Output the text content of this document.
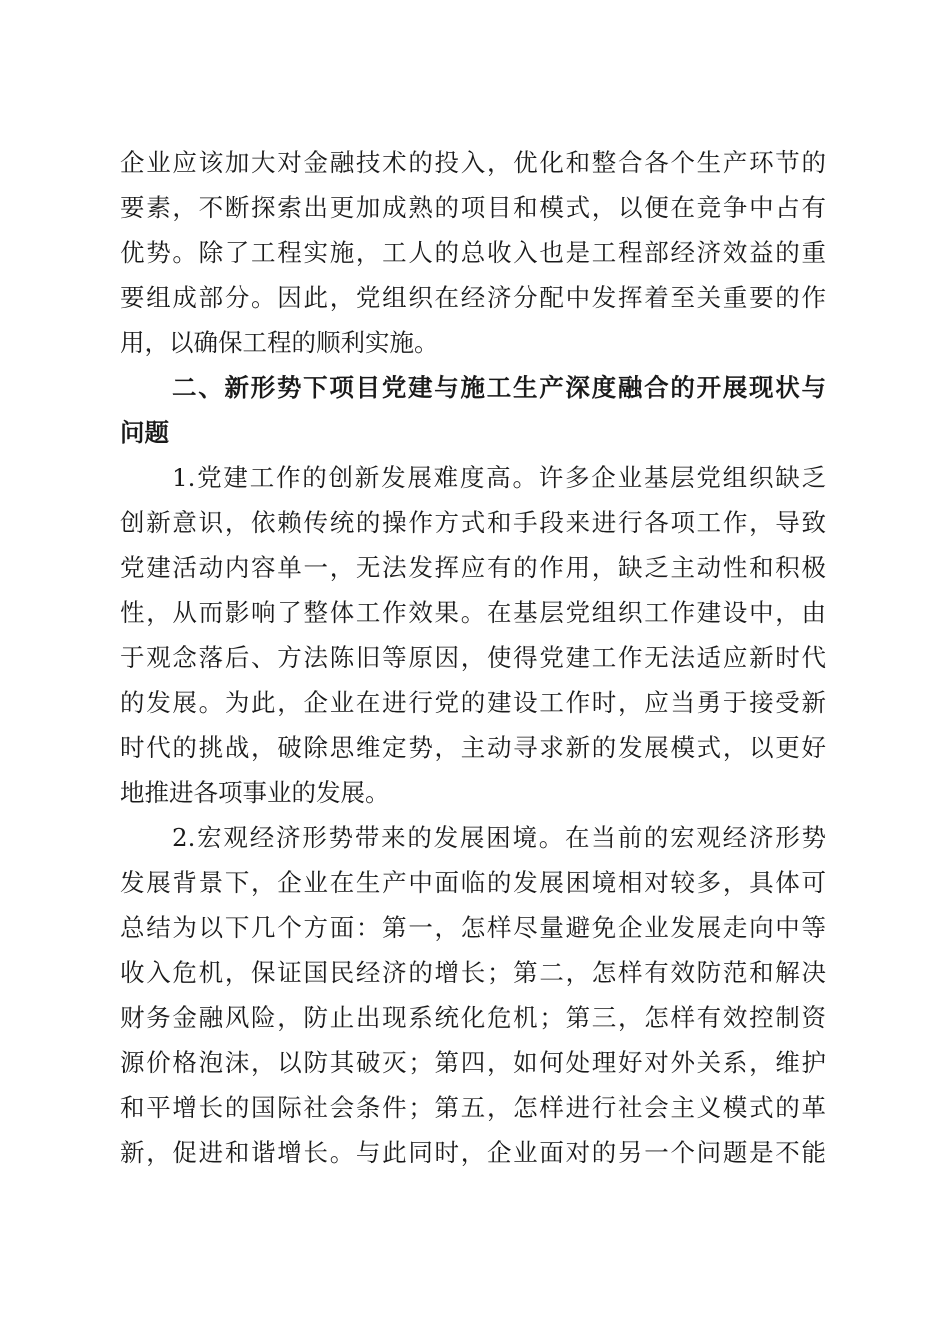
企业应该加大对金融技术的投入，优化和整合各个生产环节的
要素，不断探索出更加成熟的项目和模式，以便在竞争中占有
优势。除了工程实施，工人的总收入也是工程部经济效益的重
要组成部分。因此，党组织在经济分配中发挥着至关重要的作
用，以确保工程的顺利实施。
二、新形势下项目党建与施工生产深度融合的开展现状与
问题
1.党建工作的创新发展难度高。许多企业基层党组织缺乏
创新意识，依赖传统的操作方式和手段来进行各项工作，导致
党建活动内容单一，无法发挥应有的作用，缺乏主动性和积极
性，从而影响了整体工作效果。在基层党组织工作建设中，由
于观念落后、方法陈旧等原因，使得党建工作无法适应新时代
的发展。为此，企业在进行党的建设工作时，应当勇于接受新
时代的挑战，破除思维定势，主动寻求新的发展模式，以更好
地推进各项事业的发展。
2.宏观经济形势带来的发展困境。在当前的宏观经济形势
发展背景下，企业在生产中面临的发展困境相对较多，具体可
总结为以下几个方面：第一，怎样尽量避免企业发展走向中等
收入危机，保证国民经济的增长；第二，怎样有效防范和解决
财务金融风险，防止出现系统化危机；第三，怎样有效控制资
源价格泡沫，以防其破灭；第四，如何处理好对外关系，维护
和平增长的国际社会条件；第五，怎样进行社会主义模式的革
新，促进和谐增长。与此同时，企业面对的另一个问题是不能
